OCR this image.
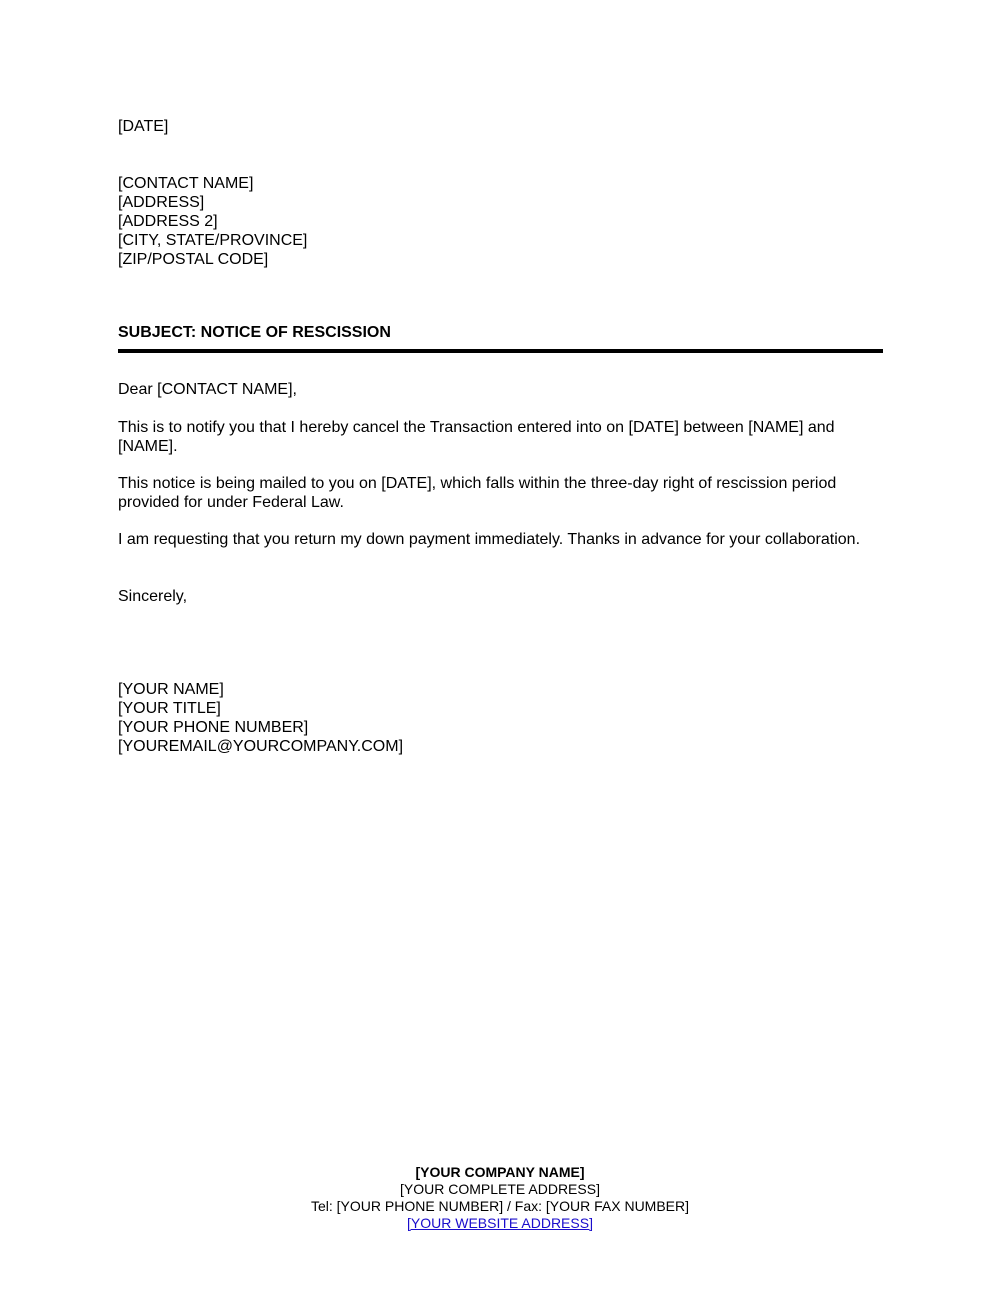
[DATE]
[CONTACT NAME]
[ADDRESS]
[ADDRESS 2]
[CITY, STATE/PROVINCE]
[ZIP/POSTAL CODE]
SUBJECT: NOTICE OF RESCISSION
Dear [CONTACT NAME],
This is to notify you that I hereby cancel the Transaction entered into on [DATE] between [NAME] and [NAME].
This notice is being mailed to you on [DATE], which falls within the three-day right of rescission period provided for under Federal Law.
I am requesting that you return my down payment immediately. Thanks in advance for your collaboration.
Sincerely,
[YOUR NAME]
[YOUR TITLE]
[YOUR PHONE NUMBER]
[YOUREMAIL@YOURCOMPANY.COM]
[YOUR COMPANY NAME]
[YOUR COMPLETE ADDRESS]
Tel: [YOUR PHONE NUMBER] / Fax: [YOUR FAX NUMBER]
[YOUR WEBSITE ADDRESS]
